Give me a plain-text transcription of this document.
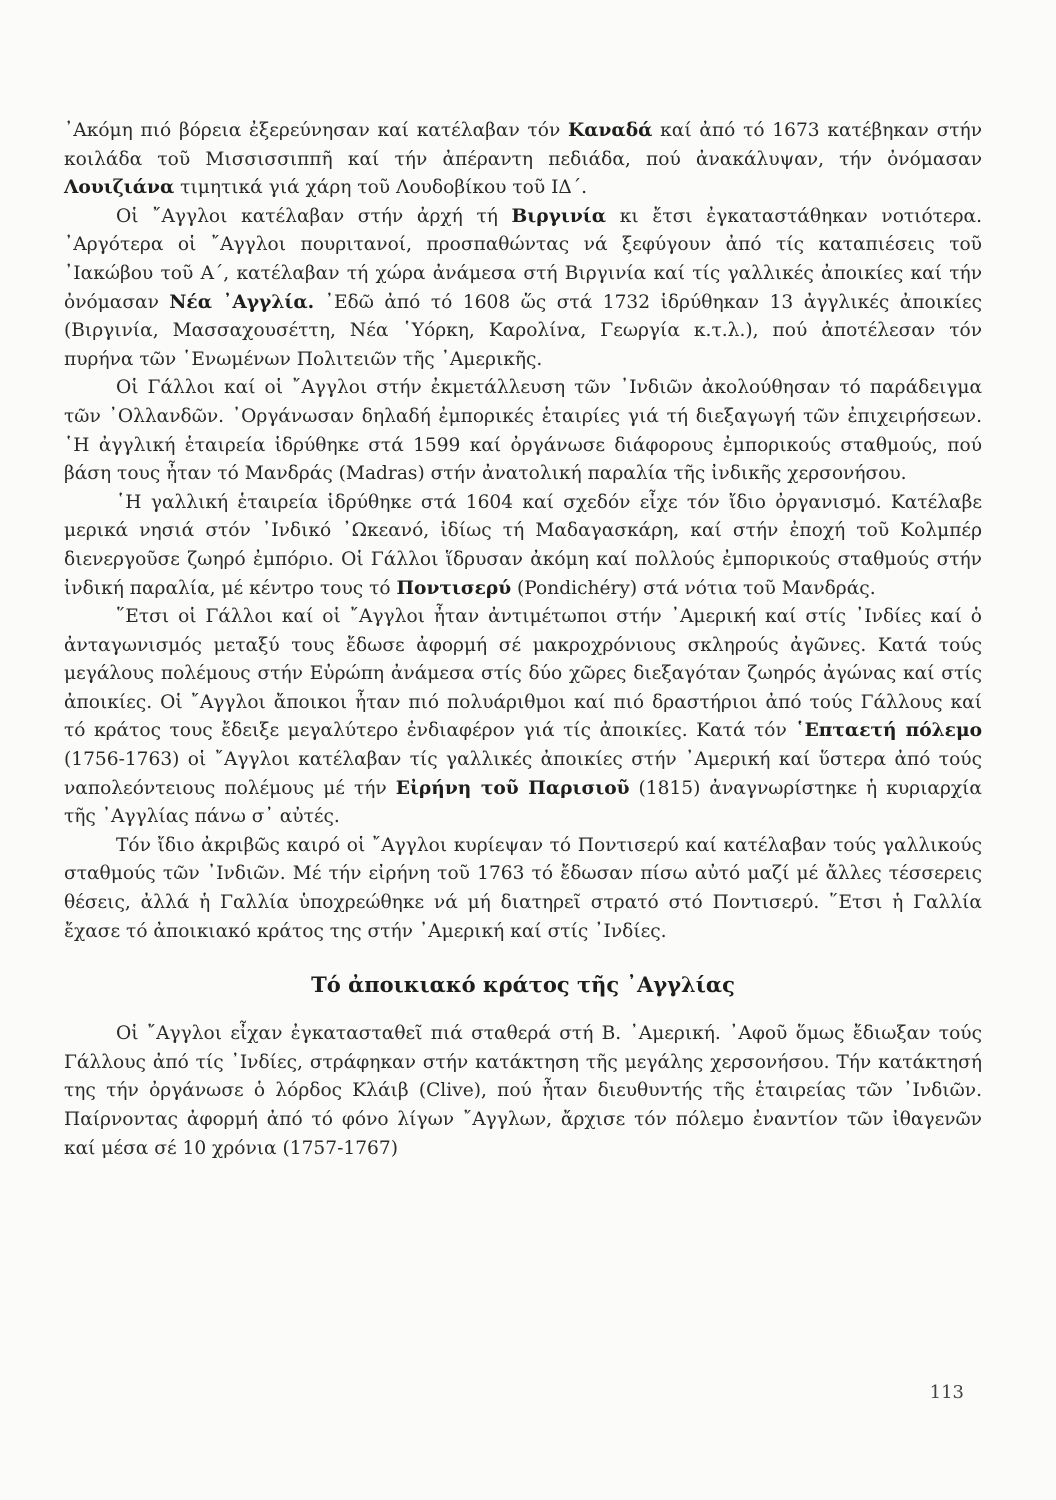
᾿Ακόμη πιό βόρεια ἐξερεύνησαν καί κατέλαβαν τόν Καναδά καί ἀπό τό 1673 κατέβηκαν στήν κοιλάδα τοῦ Μισσισσιππῆ καί τήν ἀπέραντη πεδιάδα, πού ἀνακάλυψαν, τήν ὀνόμασαν Λουιζιάνα τιμητικά γιά χάρη τοῦ Λουδοβίκου τοῦ ΙΔ΄.

Οἱ ῎Αγγλοι κατέλαβαν στήν ἀρχή τή Βιργινία κι ἔτσι ἐγκαταστάθηκαν νοτιότερα. ᾿Αργότερα οἱ ῎Αγγλοι πουριτανοί, προσπαθώντας νά ξεφύγουν ἀπό τίς καταπιέσεις τοῦ ᾿Ιακώβου τοῦ Α΄, κατέλαβαν τή χώρα ἀνάμεσα στή Βιργινία καί τίς γαλλικές ἀποικίες καί τήν ὀνόμασαν Νέα ᾿Αγγλία. ᾿Εδῶ ἀπό τό 1608 ὥς στά 1732 ἱδρύθηκαν 13 ἀγγλικές ἀποικίες (Βιργινία, Μασσαχουσέττη, Νέα ῾Υόρκη, Καρολίνα, Γεωργία κ.τ.λ.), πού ἀποτέλεσαν τόν πυρήνα τῶν ῾Ενωμένων Πολιτειῶν τῆς ᾿Αμερικῆς.

Οἱ Γάλλοι καί οἱ ῎Αγγλοι στήν ἐκμετάλλευση τῶν ᾿Ινδιῶν ἀκολούθησαν τό παράδειγμα τῶν ᾿Ολλανδῶν. ᾿Οργάνωσαν δηλαδή ἐμπορικές ἑταιρίες γιά τή διεξαγωγή τῶν ἐπιχειρήσεων. ῾Η ἀγγλική ἑταιρεία ἱδρύθηκε στά 1599 καί ὀργάνωσε διάφορους ἐμπορικούς σταθμούς, πού βάση τους ἦταν τό Μανδράς (Madras) στήν ἀνατολική παραλία τῆς ἰνδικῆς χερσονήσου.

῾Η γαλλική ἑταιρεία ἱδρύθηκε στά 1604 καί σχεδόν εἶχε τόν ἴδιο ὀργανισμό. Κατέλαβε μερικά νησιά στόν ᾿Ινδικό ᾿Ωκεανό, ἰδίως τή Μαδαγασκάρη, καί στήν ἐποχή τοῦ Κολμπέρ διενεργοῦσε ζωηρό ἐμπόριο. Οἱ Γάλλοι ἵδρυσαν ἀκόμη καί πολλούς ἐμπορικούς σταθμούς στήν ἰνδική παραλία, μέ κέντρο τους τό Ποντισερύ (Pondichéry) στά νότια τοῦ Μανδράς.

῞Ετσι οἱ Γάλλοι καί οἱ ῎Αγγλοι ἦταν ἀντιμέτωποι στήν ᾿Αμερική καί στίς ᾿Ινδίες καί ὁ ἀνταγωνισμός μεταξύ τους ἔδωσε ἀφορμή σέ μακροχρόνιους σκληρούς ἀγῶνες. Κατά τούς μεγάλους πολέμους στήν Εὐρώπη ἀνάμεσα στίς δύο χῶρες διεξαγόταν ζωηρός ἀγώνας καί στίς ἀποικίες. Οἱ ῎Αγγλοι ἄποικοι ἦταν πιό πολυάριθμοι καί πιό δραστήριοι ἀπό τούς Γάλλους καί τό κράτος τους ἔδειξε μεγαλύτερο ἐνδιαφέρον γιά τίς ἀποικίες. Κατά τόν ῾Επταετή πόλεμο (1756-1763) οἱ ῎Αγγλοι κατέλαβαν τίς γαλλικές ἀποικίες στήν ᾿Αμερική καί ὕστερα ἀπό τούς ναπολεόντειους πολέμους μέ τήν Εἰρήνη τοῦ Παρισιοῦ (1815) ἀναγνωρίστηκε ἡ κυριαρχία τῆς ᾿Αγγλίας πάνω σ᾿ αὐτές.

Τόν ἴδιο ἀκριβῶς καιρό οἱ ῎Αγγλοι κυρίεψαν τό Ποντισερύ καί κατέλαβαν τούς γαλλικούς σταθμούς τῶν ᾿Ινδιῶν. Μέ τήν εἰρήνη τοῦ 1763 τό ἔδωσαν πίσω αὐτό μαζί μέ ἄλλες τέσσερεις θέσεις, ἀλλά ἡ Γαλλία ὑποχρεώθηκε νά μή διατηρεῖ στρατό στό Ποντισερύ. ῞Ετσι ἡ Γαλλία ἔχασε τό ἀποικιακό κράτος της στήν ᾿Αμερική καί στίς ᾿Ινδίες.

Τό ἀποικιακό κράτος τῆς ᾿Αγγλίας

Οἱ ῎Αγγλοι εἶχαν ἐγκατασταθεῖ πιά σταθερά στή Β. ᾿Αμερική. ᾿Αφοῦ ὅμως ἔδιωξαν τούς Γάλλους ἀπό τίς ᾿Ινδίες, στράφηκαν στήν κατάκτηση τῆς μεγάλης χερσονήσου. Τήν κατάκτησή της τήν ὀργάνωσε ὁ λόρδος Κλάιβ (Clive), πού ἦταν διευθυντής τῆς ἑταιρείας τῶν ᾿Ινδιῶν. Παίρνοντας ἀφορμή ἀπό τό φόνο λίγων ῎Αγγλων, ἄρχισε τόν πόλεμο ἐναντίον τῶν ἰθαγενῶν καί μέσα σέ 10 χρόνια (1757-1767)

113
